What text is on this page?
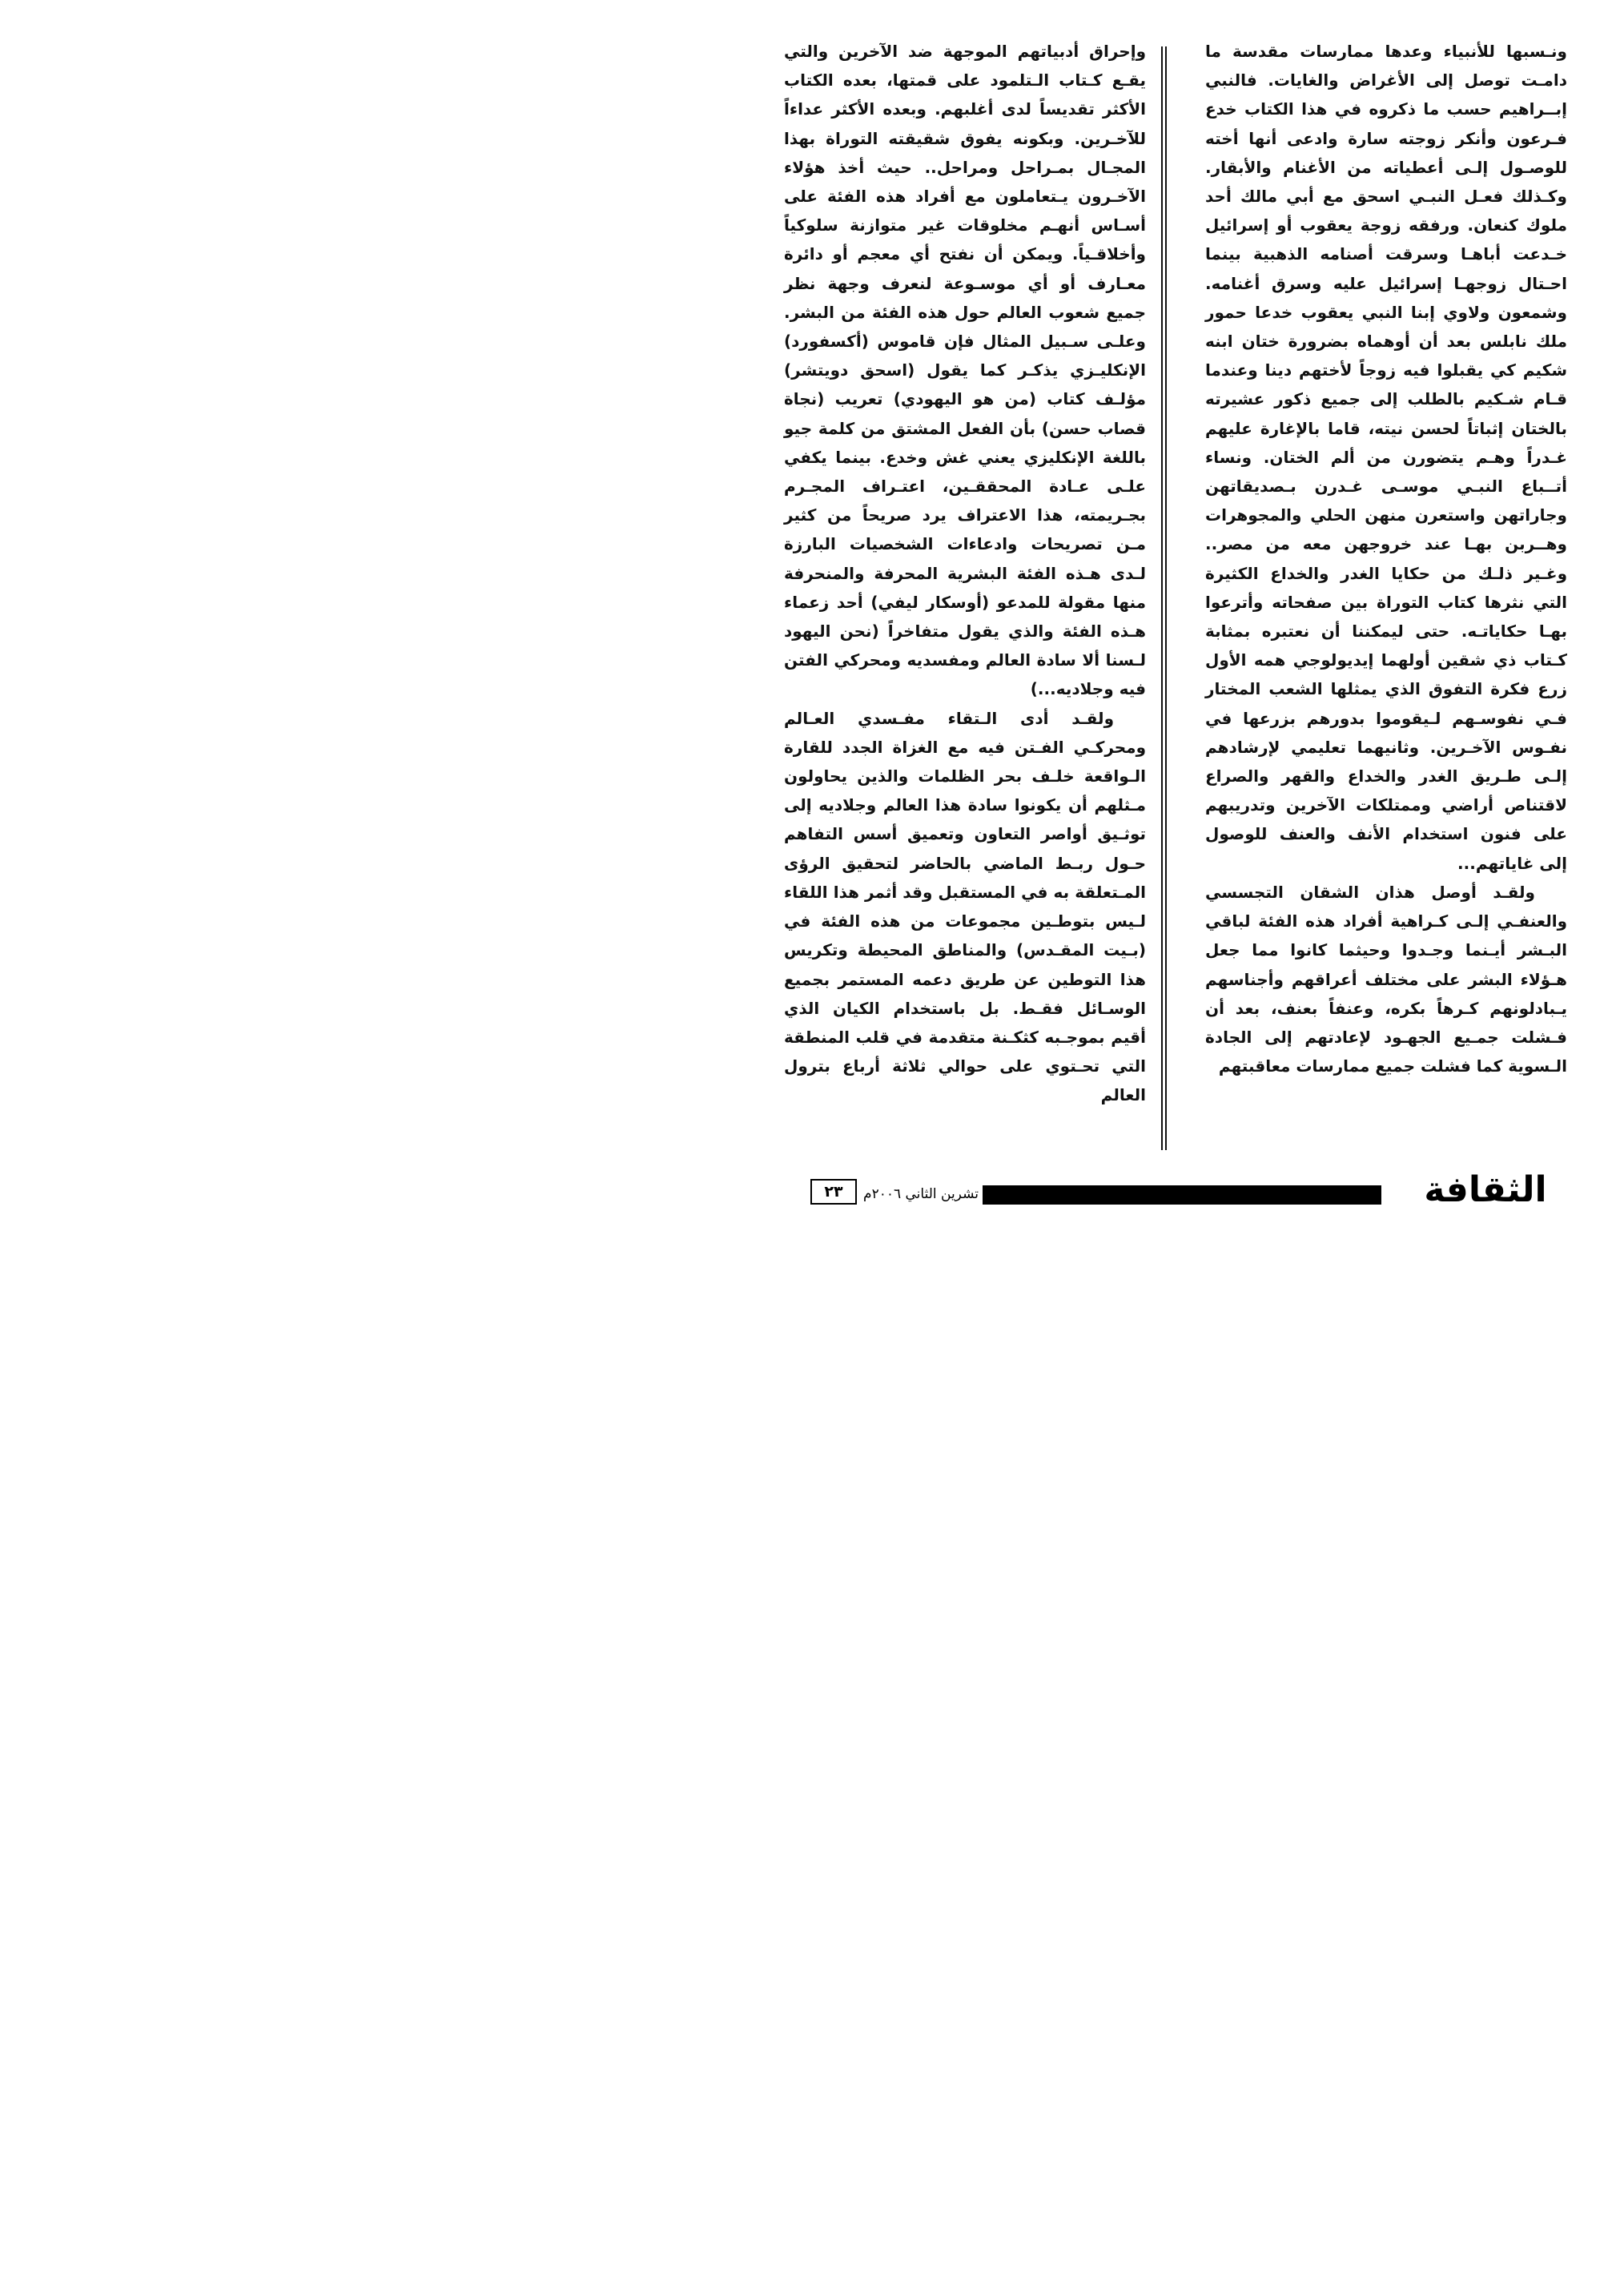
ونـسبها للأنبياء وعدها ممارسات مقدسة ما دامـت توصل إلى الأغراض والغايات. فالنبي إبــراهيم حسب ما ذكروه في هذا الكتاب خدع فـرعون وأنكر زوجته سارة وادعى أنها أخته للوصـول إلـى أعطياته من الأغنام والأبقار. وكـذلك فعـل النبـي اسحق مع أبي مالك أحد ملوك كنعان. ورفقه زوجة يعقوب أو إسرائيل خـدعت أباهـا وسرقت أصنامه الذهبية بينما احـتال زوجهـا إسرائيل عليه وسرق أغنامه. وشمعون ولاوي إبنا النبي يعقوب خدعا حمور ملك نابلس بعد أن أوهماه بضرورة ختان ابنه شكيم كي يقبلوا فيه زوجاً لأختهم دينا وعندما قـام شـكيم بالطلب إلى جميع ذكور عشيرته بالختان إثباتاً لحسن نيته، قاما بالإغارة عليهم غـدراً وهـم يتضورن من ألم الختان. ونساء أتــباع النبـي موسـى غـدرن بـصديقاتهن وجاراتهن واستعرن منهن الحلي والمجوهرات وهــربن بهـا عند خروجهن معه من مصر.. وغـير ذلـك من حكايا الغدر والخداع الكثيرة التي نثرها كتاب التوراة بين صفحاته وأترعوا بهـا حكاياتـه. حتى ليمكننا أن نعتبره بمثابة كـتاب ذي شقين أولهما إيديولوجي همه الأول زرع فكرة التفوق الذي يمثلها الشعب المختار فـي نفوسـهم لـيقوموا بدورهم بزرعها في نفـوس الآخـرين. وثانيهما تعليمي لإرشادهم إلـى طـريق الغدر والخداع والقهر والصراع لاقتناص أراضي وممتلكات الآخرين وتدريبهم على فنون استخدام الأنف والعنف للوصول إلى غاياتهم...

ولقـد أوصل هذان الشقان التجسسي والعنفـي إلـى كـراهية أفراد هذه الفئة لباقي البـشر أيـنما وجـدوا وحيثما كانوا مما جعل هـؤلاء البشر على مختلف أعراقهم وأجناسهم يـبادلونهم كـرهاً بكره، وعنفاً بعنف، بعد أن فـشلت جمـيع الجهـود لإعادتهم إلى الجادة الـسوية كما فشلت جميع ممارسات معاقبتهم

وإحراق أدبياتهم الموجهة ضد الآخرين والتي يقـع كـتاب الـتلمود على قمتها، بعده الكتاب الأكثر تقديساً لدى أغلبهم. وبعده الأكثر عداءاً للآخـرين. وبكونه يفوق شقيقته التوراة بهذا المجـال بمـراحل ومراحل.. حيث أخذ هؤلاء الآخـرون يـتعاملون مع أفراد هذه الفئة على أسـاس أنهـم مخلوقات غير متوازنة سلوكياً وأخلاقـياً. ويمكن أن نفتح أي معجم أو دائرة معـارف أو أي موسـوعة لنعرف وجهة نظر جميع شعوب العالم حول هذه الفئة من البشر. وعلـى سـبيل المثال فإن قاموس (أكسفورد) الإنكليـزي يذكـر كما يقول (اسحق دويتشر) مؤلـف كتاب (من هو اليهودي) تعريب (نجاة قصاب حسن) بأن الفعل المشتق من كلمة جيو باللغة الإنكليزي يعني غش وخدع. بينما يكفي علـى عـادة المحققـين، اعتـراف المجـرم بجـريمته، هذا الاعتراف يرد صريحاً من كثير مـن تصريحات وادعاءات الشخصيات البارزة لـدى هـذه الفئة البشرية المحرفة والمنحرفة منها مقولة للمدعو (أوسكار ليفي) أحد زعماء هـذه الفئة والذي يقول متفاخراً (نحن اليهود لـسنا ألا سادة العالم ومفسديه ومحركي الفتن فيه وجلاديه...)

ولقـد أدى الـتقاء مفـسدي العـالم ومحركـي الفـتن فيه مع الغزاة الجدد للقارة الـواقعة خلـف بحر الظلمات والذين يحاولون مـثلهم أن يكونوا سادة هذا العالم وجلاديه إلى توثـيق أواصر التعاون وتعميق أسس التفاهم حـول ربـط الماضي بالحاضر لتحقيق الرؤى المـتعلقة به في المستقبل وقد أثمر هذا اللقاء لـيس بتوطـين مجموعات من هذه الفئة في (بـيت المقـدس) والمناطق المحيطة وتكريس هذا التوطين عن طريق دعمه المستمر بجميع الوسـائل فقـط. بل باستخدام الكيان الذي أقيم بموجـبه كثكـنة متقدمة في قلب المنطقة التي تحـتوي على حوالي ثلاثة أرباع بترول العالم

الثقافة
تشرين الثاني ٢٠٠٦م
٢٣
